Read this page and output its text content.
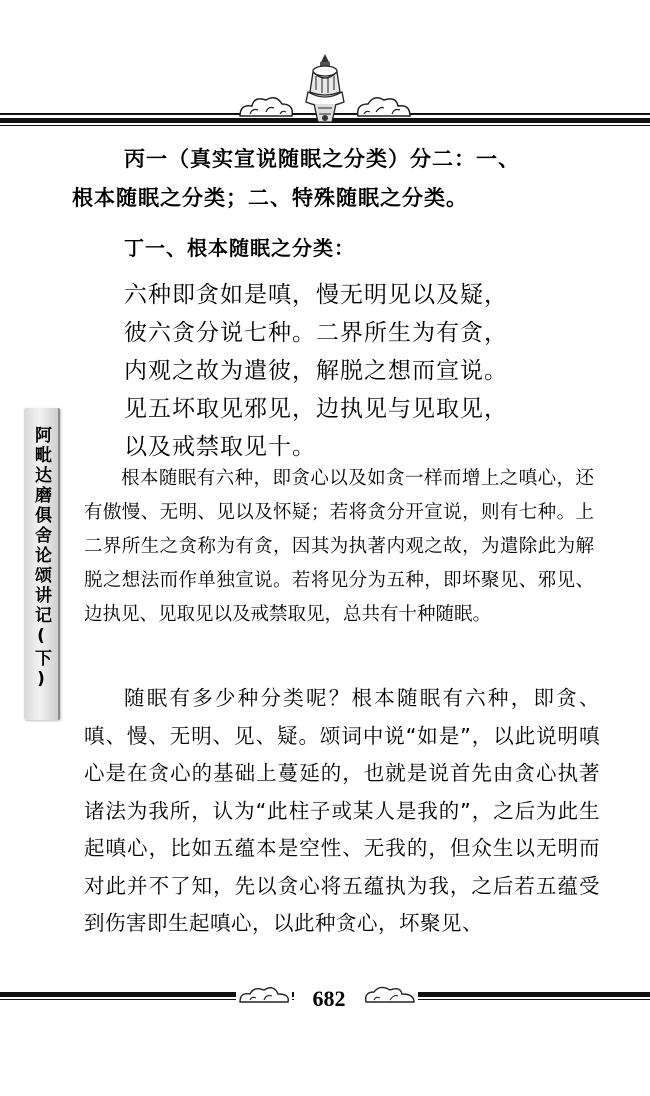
阿毗达磨俱舍论颂讲记(下)
丙一（真实宣说随眠之分类）分二：一、
根本随眠之分类；二、特殊随眠之分类。
丁一、根本随眠之分类：
六种即贪如是嗔，慢无明见以及疑，
彼六贪分说七种。二界所生为有贪，
内观之故为遣彼，解脱之想而宣说。
见五坏取见邪见，边执见与见取见，
以及戒禁取见十。
根本随眠有六种，即贪心以及如贪一样而增上之嗔心，还有傲慢、无明、见以及怀疑；若将贪分开宣说，则有七种。上二界所生之贪称为有贪，因其为执著内观之故，为遣除此为解脱之想法而作单独宣说。若将见分为五种，即坏聚见、邪见、边执见、见取见以及戒禁取见，总共有十种随眠。
随眠有多少种分类呢？根本随眠有六种，即贪、嗔、慢、无明、见、疑。颂词中说“如是”，以此说明嗔心是在贪心的基础上蔓延的，也就是说首先由贪心执著诸法为我所，认为“此柱子或某人是我的”，之后为此生起嗔心，比如五蕴本是空性、无我的，但众生以无明而对此并不了知，先以贪心将五蕴执为我，之后若五蕴受到伤害即生起嗔心，以此种贪心，坏聚见、
682
